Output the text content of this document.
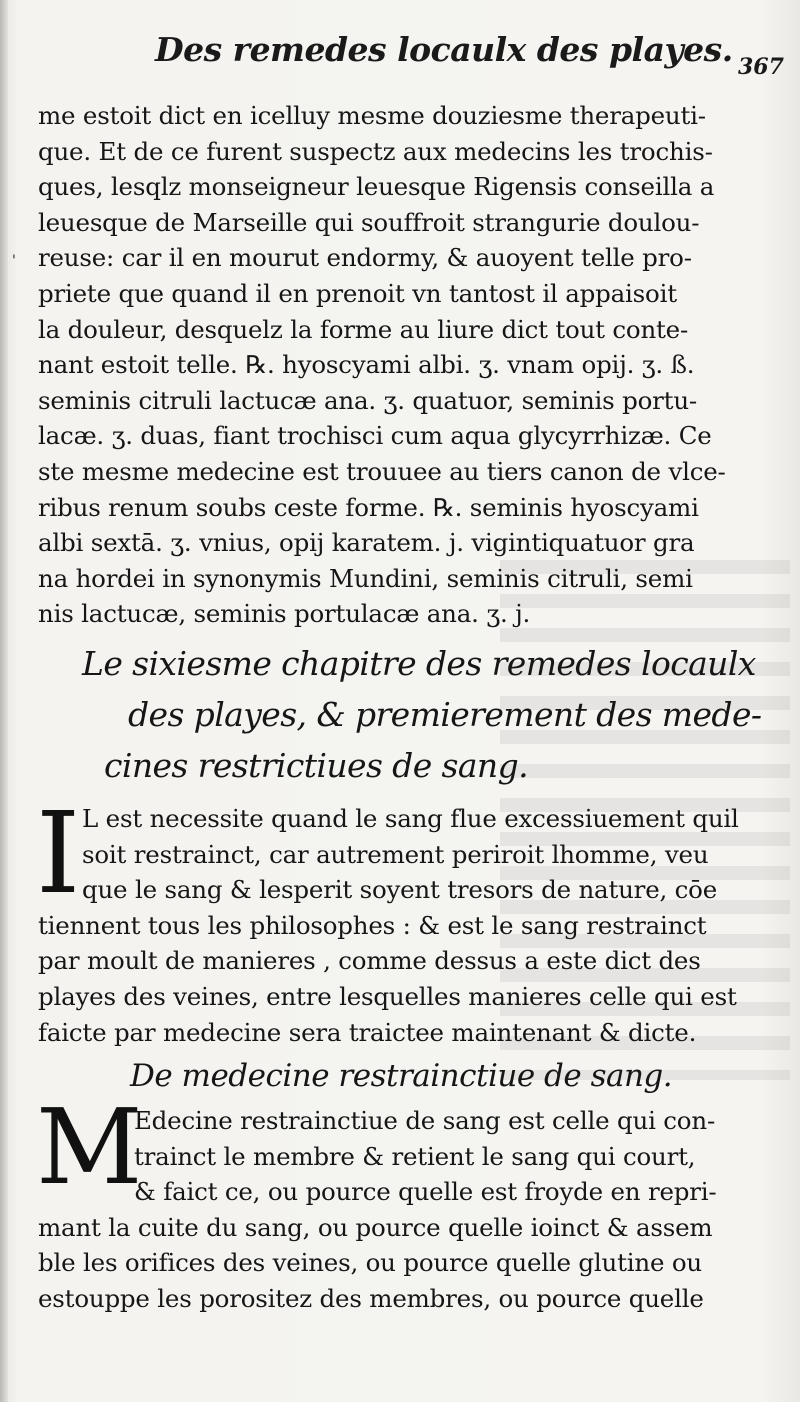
Des remedes locaulx des playes. 367
'
me estoit dict en icelluy mesme douziesme therapeuti-
que. Et de ce furent suspectz aux medecins les trochis-
ques, lesqlz monseigneur leuesque Rigensis conseilla a
leuesque de Marseille qui souffroit strangurie doulou-
reuse: car il en mourut endormy, & auoyent telle pro-
priete que quand il en prenoit vn tantost il appaisoit
la douleur, desquelz la forme au liure dict tout conte-
nant estoit telle. ℞. hyoscyami albi. ʒ. vnam opij. ʒ. ß.
seminis citruli lactucæ ana. ʒ. quatuor, seminis portu-
lacæ. ʒ. duas, fiant trochisci cum aqua glycyrrhizæ. Ce
ste mesme medecine est trouuee au tiers canon de vlce-
ribus renum soubs ceste forme. ℞. seminis hyoscyami
albi sextā. ʒ. vnius, opij karatem. j. vigintiquatuor gra
na hordei in synonymis Mundini, seminis citruli, semi
nis lactucæ, seminis portulacæ ana. ʒ. j.
Le sixiesme chapitre des remedes locaulx
des playes, & premierement des mede-
cines restrictiues de sang.
I L est necessite quand le sang flue excessiuement quil
soit restrainct, car autrement periroit lhomme, veu
que le sang & lesperit soyent tresors de nature, cōe
tiennent tous les philosophes : & est le sang restrainct
par moult de manieres , comme dessus a este dict des
playes des veines, entre lesquelles manieres celle qui est
faicte par medecine sera traictee maintenant & dicte.
De medecine restrainctiue de sang.
M
Edecine restrainctiue de sang est celle qui con-
trainct le membre & retient le sang qui court,
& faict ce, ou pource quelle est froyde en repri-
mant la cuite du sang, ou pource quelle ioinct & assem
ble les orifices des veines, ou pource quelle glutine ou
estouppe les porositez des membres, ou pource quelle
